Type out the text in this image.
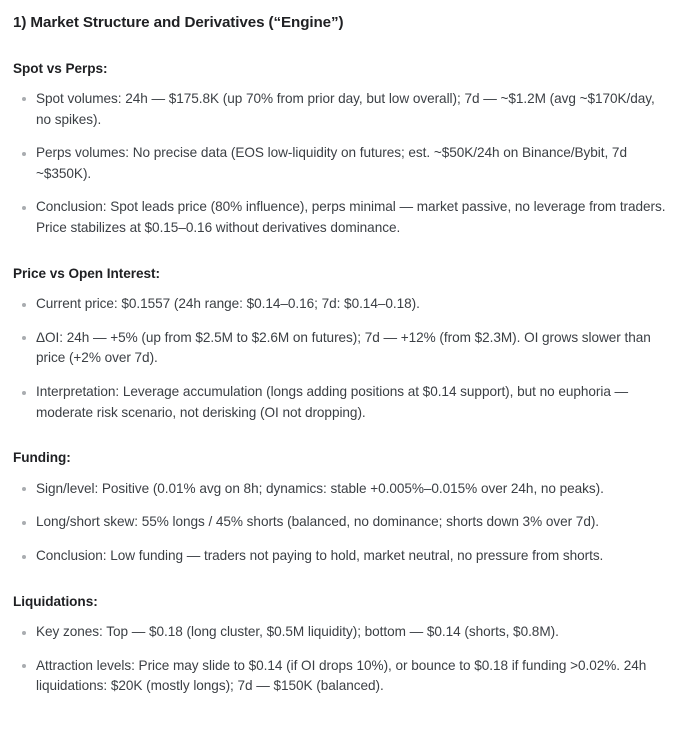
1) Market Structure and Derivatives (“Engine”)
Spot vs Perps:
Spot volumes: 24h — $175.8K (up 70% from prior day, but low overall); 7d — ~$1.2M (avg ~$170K/day, no spikes).
Perps volumes: No precise data (EOS low-liquidity on futures; est. ~$50K/24h on Binance/Bybit, 7d ~$350K).
Conclusion: Spot leads price (80% influence), perps minimal — market passive, no leverage from traders. Price stabilizes at $0.15–0.16 without derivatives dominance.
Price vs Open Interest:
Current price: $0.1557 (24h range: $0.14–0.16; 7d: $0.14–0.18).
ΔOI: 24h — +5% (up from $2.5M to $2.6M on futures); 7d — +12% (from $2.3M). OI grows slower than price (+2% over 7d).
Interpretation: Leverage accumulation (longs adding positions at $0.14 support), but no euphoria — moderate risk scenario, not derisking (OI not dropping).
Funding:
Sign/level: Positive (0.01% avg on 8h; dynamics: stable +0.005%–0.015% over 24h, no peaks).
Long/short skew: 55% longs / 45% shorts (balanced, no dominance; shorts down 3% over 7d).
Conclusion: Low funding — traders not paying to hold, market neutral, no pressure from shorts.
Liquidations:
Key zones: Top — $0.18 (long cluster, $0.5M liquidity); bottom — $0.14 (shorts, $0.8M).
Attraction levels: Price may slide to $0.14 (if OI drops 10%), or bounce to $0.18 if funding >0.02%. 24h liquidations: $20K (mostly longs); 7d — $150K (balanced).
